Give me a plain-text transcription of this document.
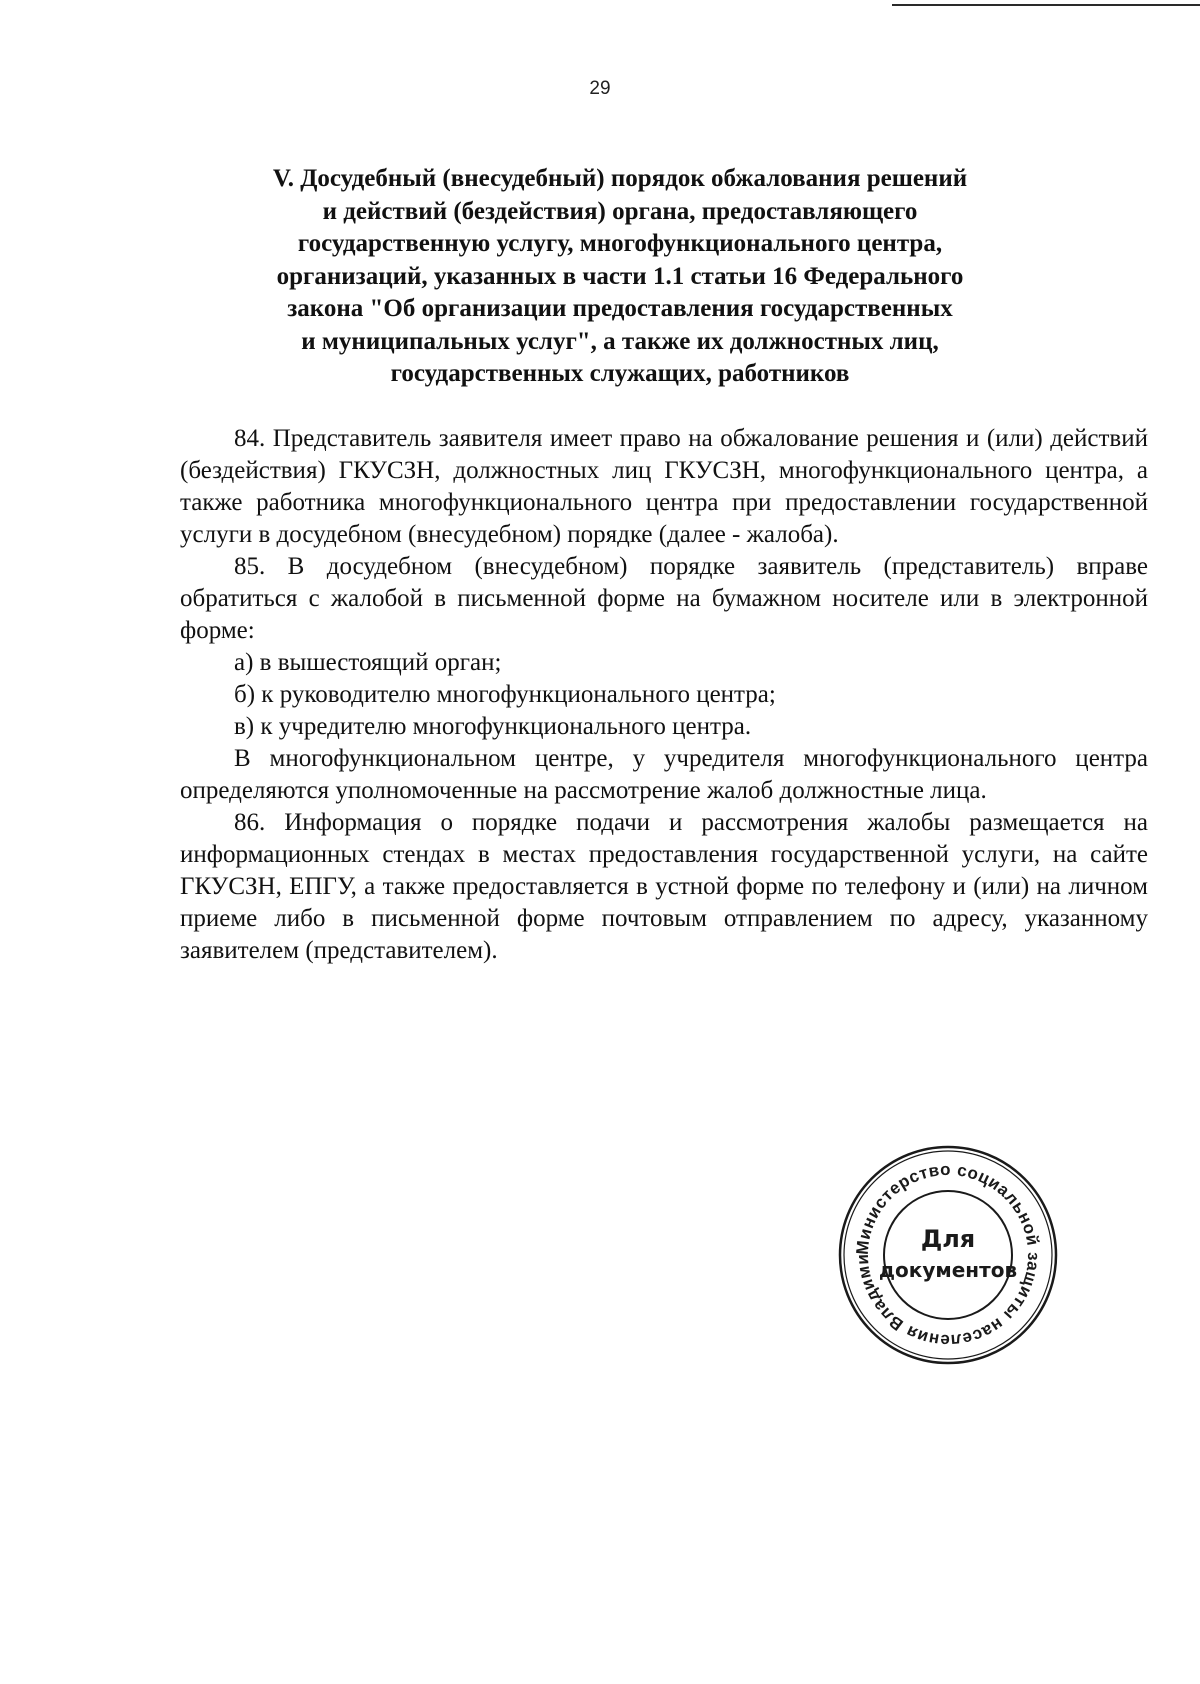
29
V. Досудебный (внесудебный) порядок обжалования решений
и действий (бездействия) органа, предоставляющего
государственную услугу, многофункционального центра,
организаций, указанных в части 1.1 статьи 16 Федерального
закона "Об организации предоставления государственных
и муниципальных услуг", а также их должностных лиц,
государственных служащих, работников

84. Представитель заявителя имеет право на обжалование решения и (или) действий (бездействия) ГКУСЗН, должностных лиц ГКУСЗН, многофункционального центра, а также работника многофункционального центра при предоставлении государственной услуги в досудебном (внесудебном) порядке (далее - жалоба).

85. В досудебном (внесудебном) порядке заявитель (представитель) вправе обратиться с жалобой в письменной форме на бумажном носителе или в электронной форме:

а) в вышестоящий орган;

б) к руководителю многофункционального центра;

в) к учредителю многофункционального центра.

В многофункциональном центре, у учредителя многофункционального центра определяются уполномоченные на рассмотрение жалоб должностные лица.

86. Информация о порядке подачи и рассмотрения жалобы размещается на информационных стендах в местах предоставления государственной услуги, на сайте ГКУСЗН, ЕПГУ, а также предоставляется в устной форме по телефону и (или) на личном приеме либо в письменной форме почтовым отправлением по адресу, указанному заявителем (представителем).

Министерство социальной защиты населения Владими
Для
документов
